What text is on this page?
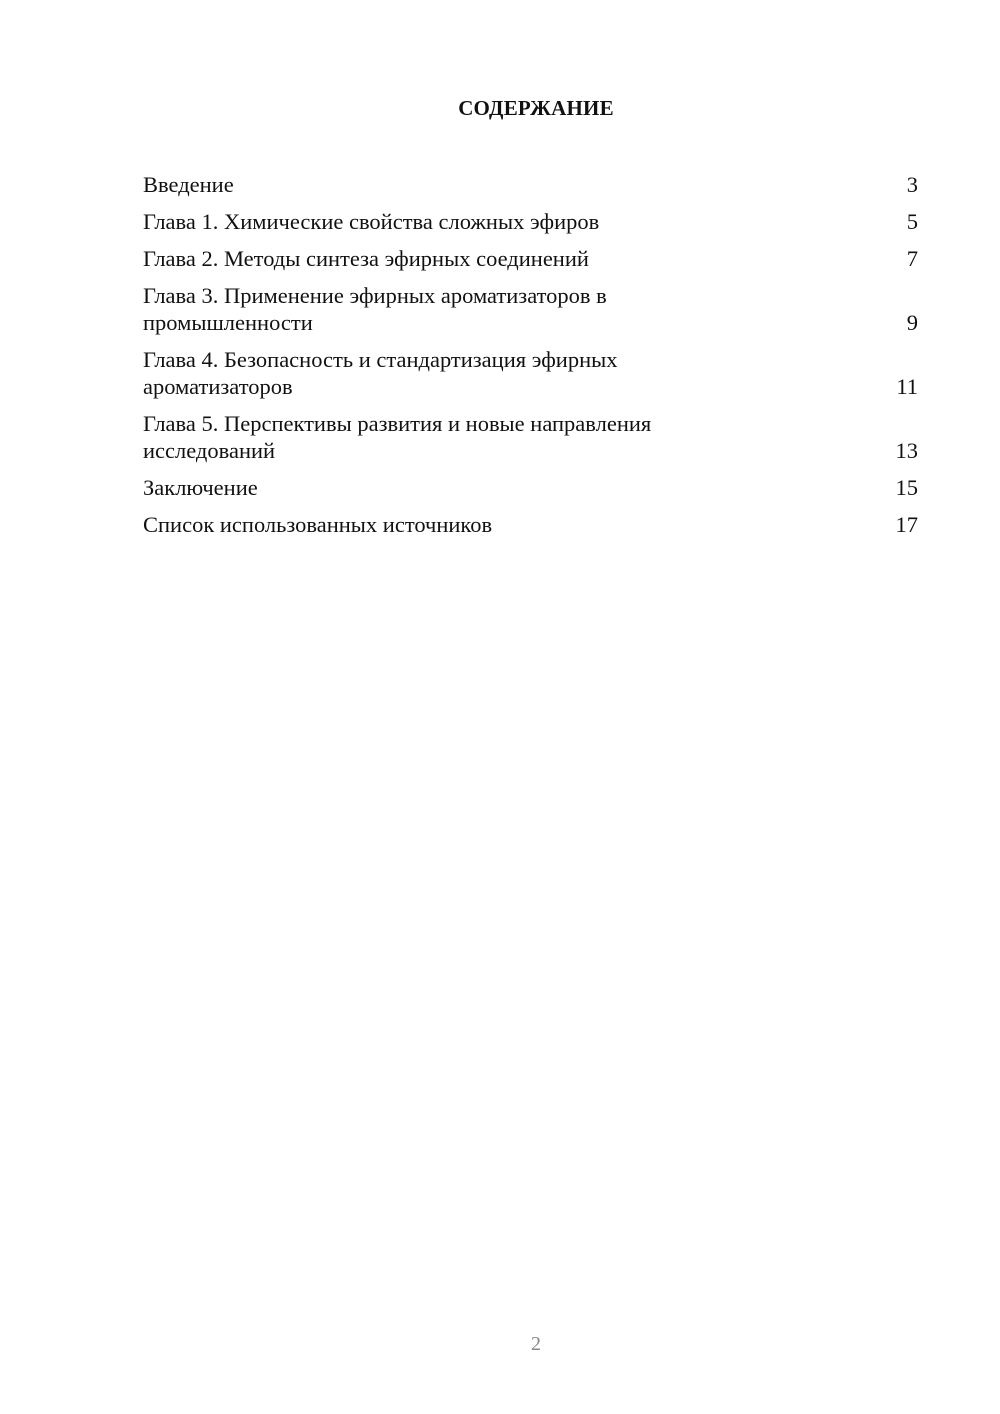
СОДЕРЖАНИЕ
Введение	3
Глава 1. Химические свойства сложных эфиров	5
Глава 2. Методы синтеза эфирных соединений	7
Глава 3. Применение эфирных ароматизаторов в
промышленности	9
Глава 4. Безопасность и стандартизация эфирных
ароматизаторов	11
Глава 5. Перспективы развития и новые направления
исследований	13
Заключение	15
Список использованных источников	17
2
